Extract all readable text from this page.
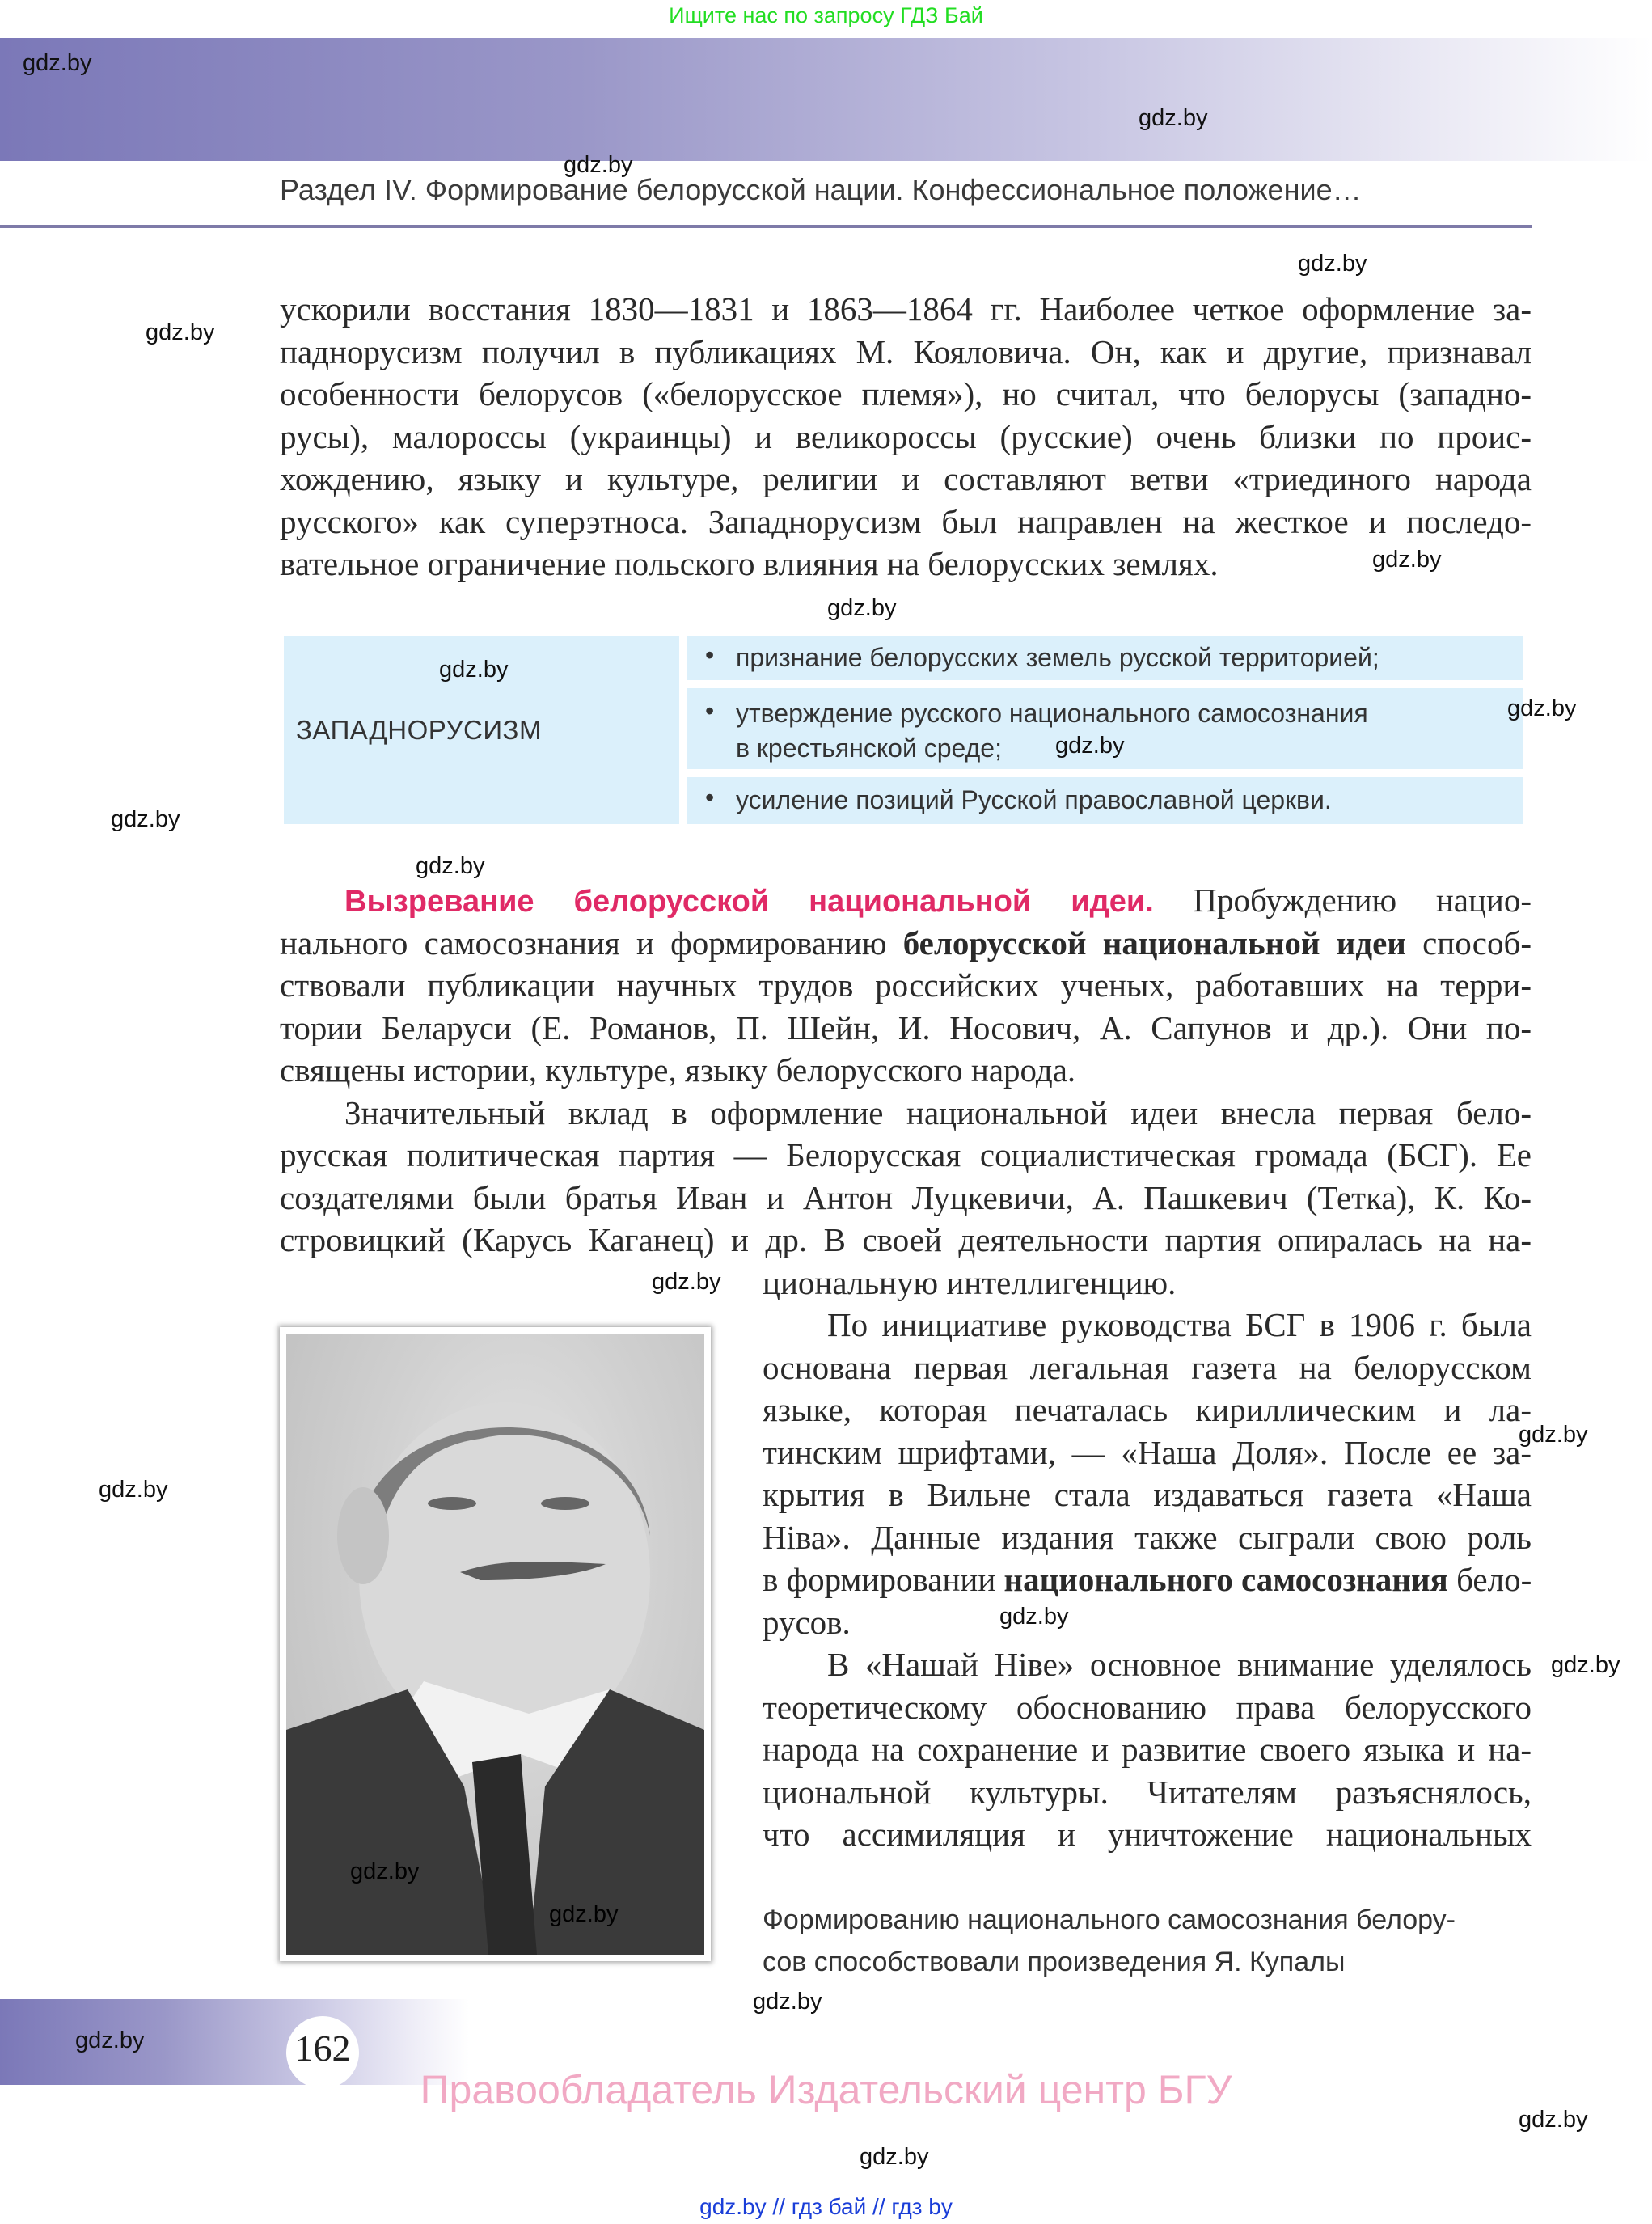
Ищите нас по запросу ГДЗ Бай
gdz.by
gdz.by
gdz.by
Раздел IV. Формирование белорусской нации. Конфессиональное положение…
ускорили восстания 1830—1831 и 1863—1864 гг. Наиболее четкое оформление за-
паднорусизм получил в публикациях М. Кояловича. Он, как и другие, признавал
особенности белорусов («белорусское племя»), но считал, что белорусы (западно-
русы), малороссы (украинцы) и великороссы (русские) очень близки по проис-
хождению, языку и культуре, религии и составляют ветви «триединого народа
русского» как суперэтноса. Западнорусизм был направлен на жесткое и последо-
вательное ограничение польского влияния на белорусских землях.
gdz.by
gdz.by
gdz.by
gdz.by
ЗАПАДНОРУСИЗМ
gdz.by	• признание белорусских земель русской территорией;
• утверждение русского национального самосознания
в крестьянской среде; gdz.by
gdz.by
• усиление позиций Русской православной церкви.
gdz.by
gdz.by
Вызревание белорусской национальной идеи. Пробуждению нацио-
нального самосознания и формированию белорусской национальной идеи способ-
ствовали публикации научных трудов российских ученых, работавших на терри-
тории Беларуси (Е. Романов, П. Шейн, И. Носович, А. Сапунов и др.). Они по-
священы истории, культуре, языку белорусского народа.
Значительный вклад в оформление национальной идеи внесла первая бело-
русская политическая партия — Белорусская социалистическая громада (БСГ). Ее
создателями были братья Иван и Антон Луцкевичи, А. Пашкевич (Тетка), К. Ко-
стровицкий (Карусь Каганец) и др. В своей деятельности партия опиралась на на-
циональную интеллигенцию.
gdz.by
gdz.by
gdz.by
gdz.by
По инициативе руководства БСГ в 1906 г. была
основана первая легальная газета на белорусском
языке, которая печаталась кириллическим и ла-
тинским шрифтами, — «Наша Доля». После ее за-
крытия в Вильне стала издаваться газета «Наша
Ніва». Данные издания также сыграли свою роль
в формировании национального самосознания бело-
русов.
В «Нашай Ніве» основное внимание уделялось
теоретическому обоснованию права белорусского
народа на сохранение и развитие своего языка и на-
циональной культуры. Читателям разъяснялось,
что ассимиляция и уничтожение национальных
gdz.by
gdz.by
gdz.by
Формированию национального самосознания белору-
сов способствовали произведения Я. Купалы
gdz.by
gdz.by	162
Правообладатель Издательский центр БГУ
gdz.by
gdz.by
gdz.by // гдз бай // гдз by
